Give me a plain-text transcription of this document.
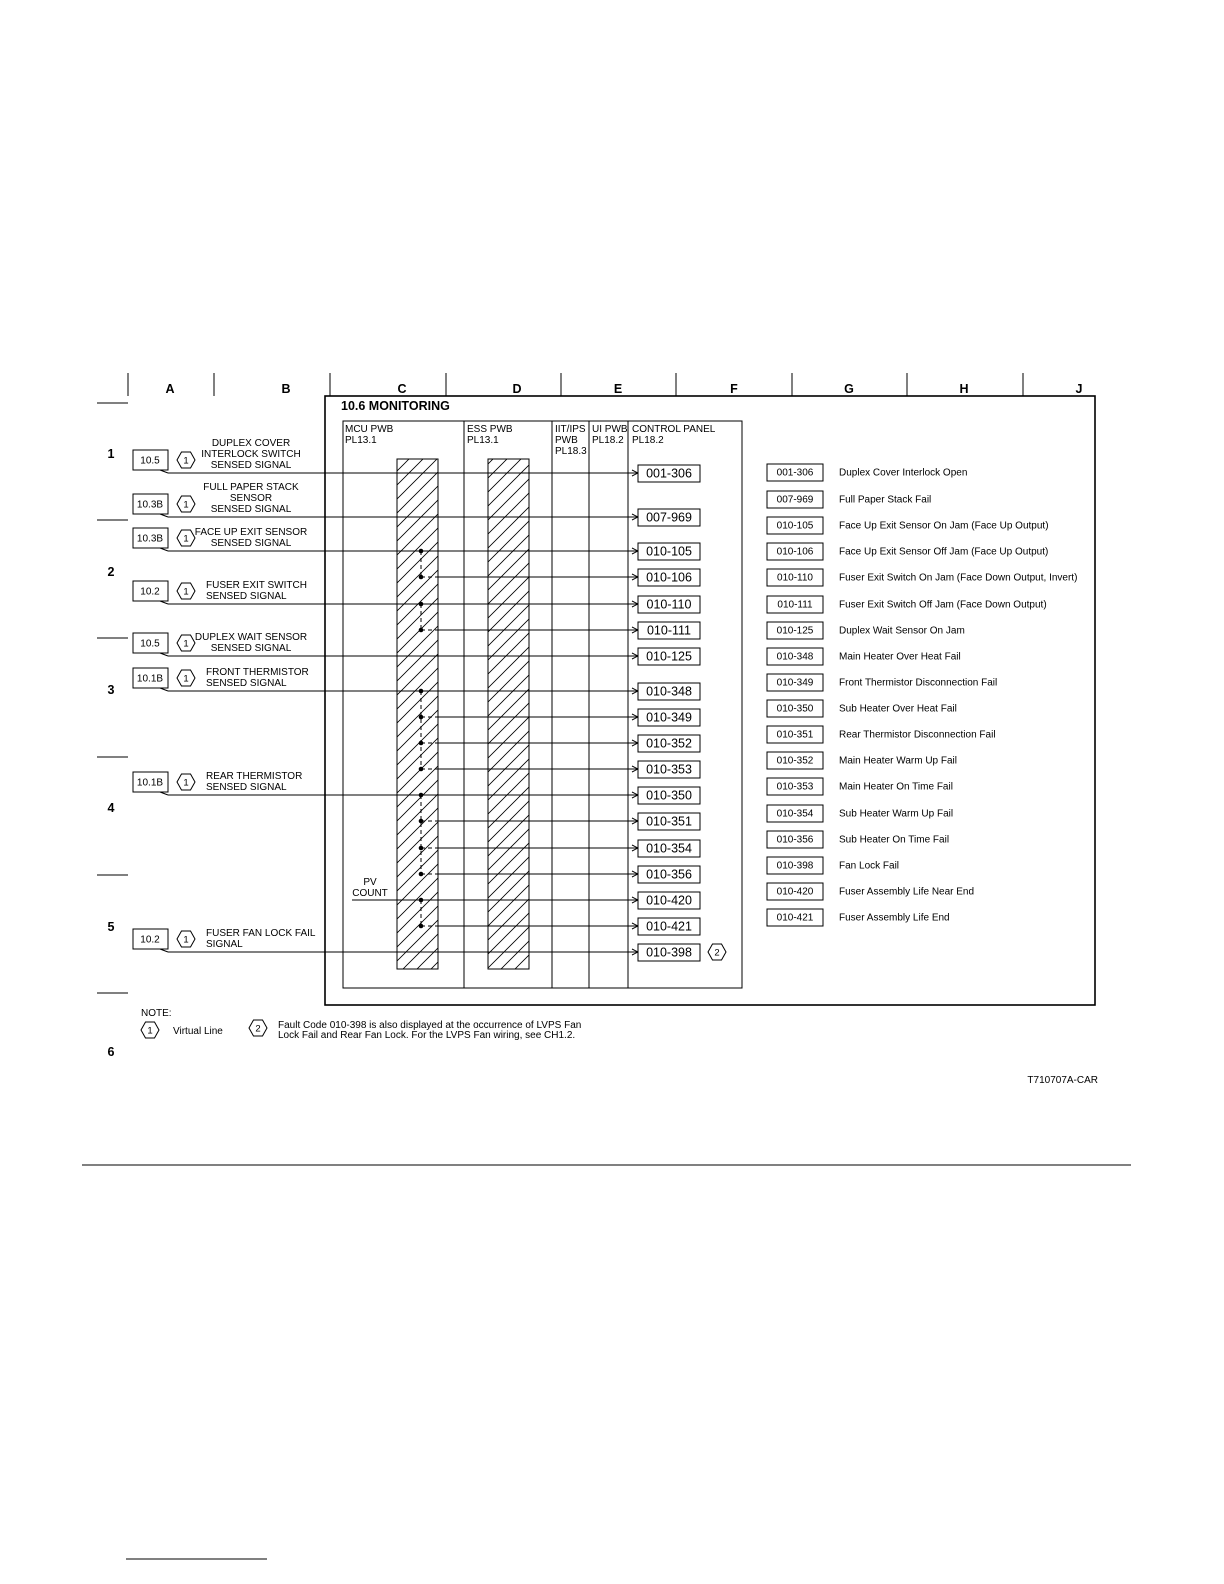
A	B	C	D	E	F	G	H	J
1
2
3
4
5
6
10.6 MONITORING
MCU PWB
PL13.1
ESS PWB
PL13.1
IIT/IPS
PWB
PL18.3
UI PWB
PL18.2
CONTROL PANEL
PL18.2
PV
COUNT
10.5 1
DUPLEX COVER
INTERLOCK SWITCH
SENSED SIGNAL
10.3B 1
FULL PAPER STACK
SENSOR
SENSED SIGNAL
10.3B 1
FACE UP EXIT SENSOR
SENSED SIGNAL
10.2 1
FUSER EXIT SWITCH
SENSED SIGNAL
10.5 1
DUPLEX WAIT SENSOR
SENSED SIGNAL
10.1B 1
FRONT THERMISTOR
SENSED SIGNAL
10.1B 1
REAR THERMISTOR
SENSED SIGNAL
10.2 1
FUSER FAN LOCK FAIL
SIGNAL
001-306
007-969
010-105
010-106
010-110
010-111
010-125
010-348
010-349
010-352
010-353
010-350
010-351
010-354
010-356
010-420
010-421
010-398 2
001-306	Duplex Cover Interlock Open
007-969	Full Paper Stack Fail
010-105	Face Up Exit Sensor On Jam (Face Up Output)
010-106	Face Up Exit Sensor Off Jam (Face Up Output)
010-110	Fuser Exit Switch On Jam (Face Down Output, Invert)
010-111	Fuser Exit Switch Off Jam (Face Down Output)
010-125	Duplex Wait Sensor On Jam
010-348	Main Heater Over Heat Fail
010-349	Front Thermistor Disconnection Fail
010-350	Sub Heater Over Heat Fail
010-351	Rear Thermistor Disconnection Fail
010-352	Main Heater Warm Up Fail
010-353	Main Heater On Time Fail
010-354	Sub Heater Warm Up Fail
010-356	Sub Heater On Time Fail
010-398	Fan Lock Fail
010-420	Fuser Assembly Life Near End
010-421	Fuser Assembly Life End
NOTE:
1 Virtual Line	2 Fault Code 010-398 is also displayed at the occurrence of LVPS Fan
Lock Fail and Rear Fan Lock. For the LVPS Fan wiring, see CH1.2.
T710707A-CAR
